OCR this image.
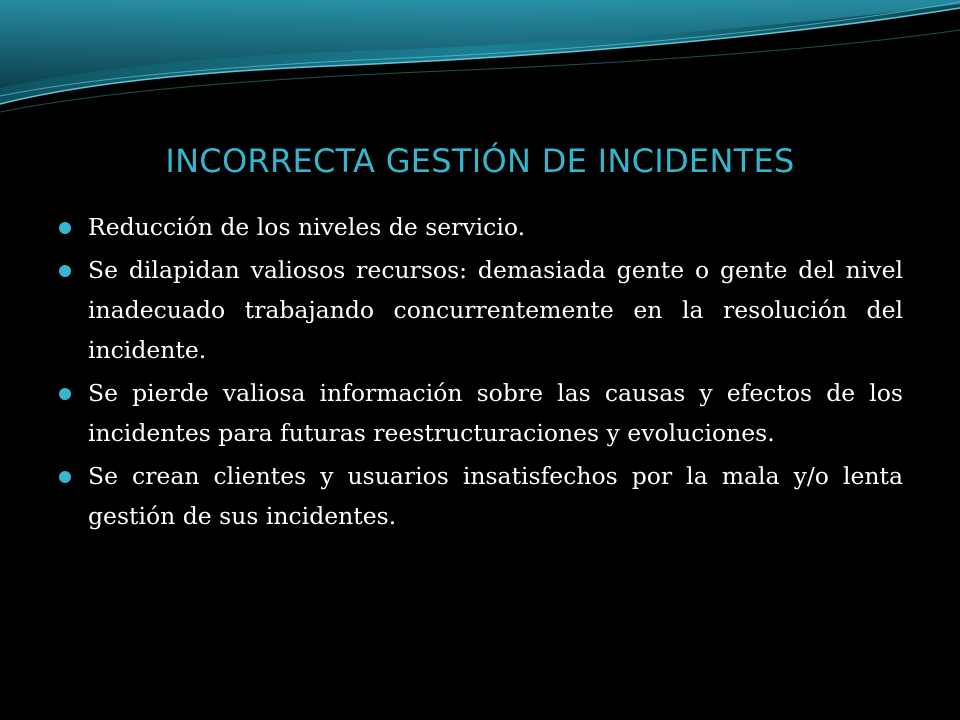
INCORRECTA GESTIÓN DE INCIDENTES
Reducción de los niveles de servicio.
Se dilapidan valiosos recursos: demasiada gente o gente del nivel inadecuado trabajando concurrentemente en la resolución del incidente.
Se pierde valiosa información sobre las causas y efectos de los incidentes para futuras reestructuraciones y evoluciones.
Se crean clientes y usuarios insatisfechos por la mala y/o lenta gestión de sus incidentes.
